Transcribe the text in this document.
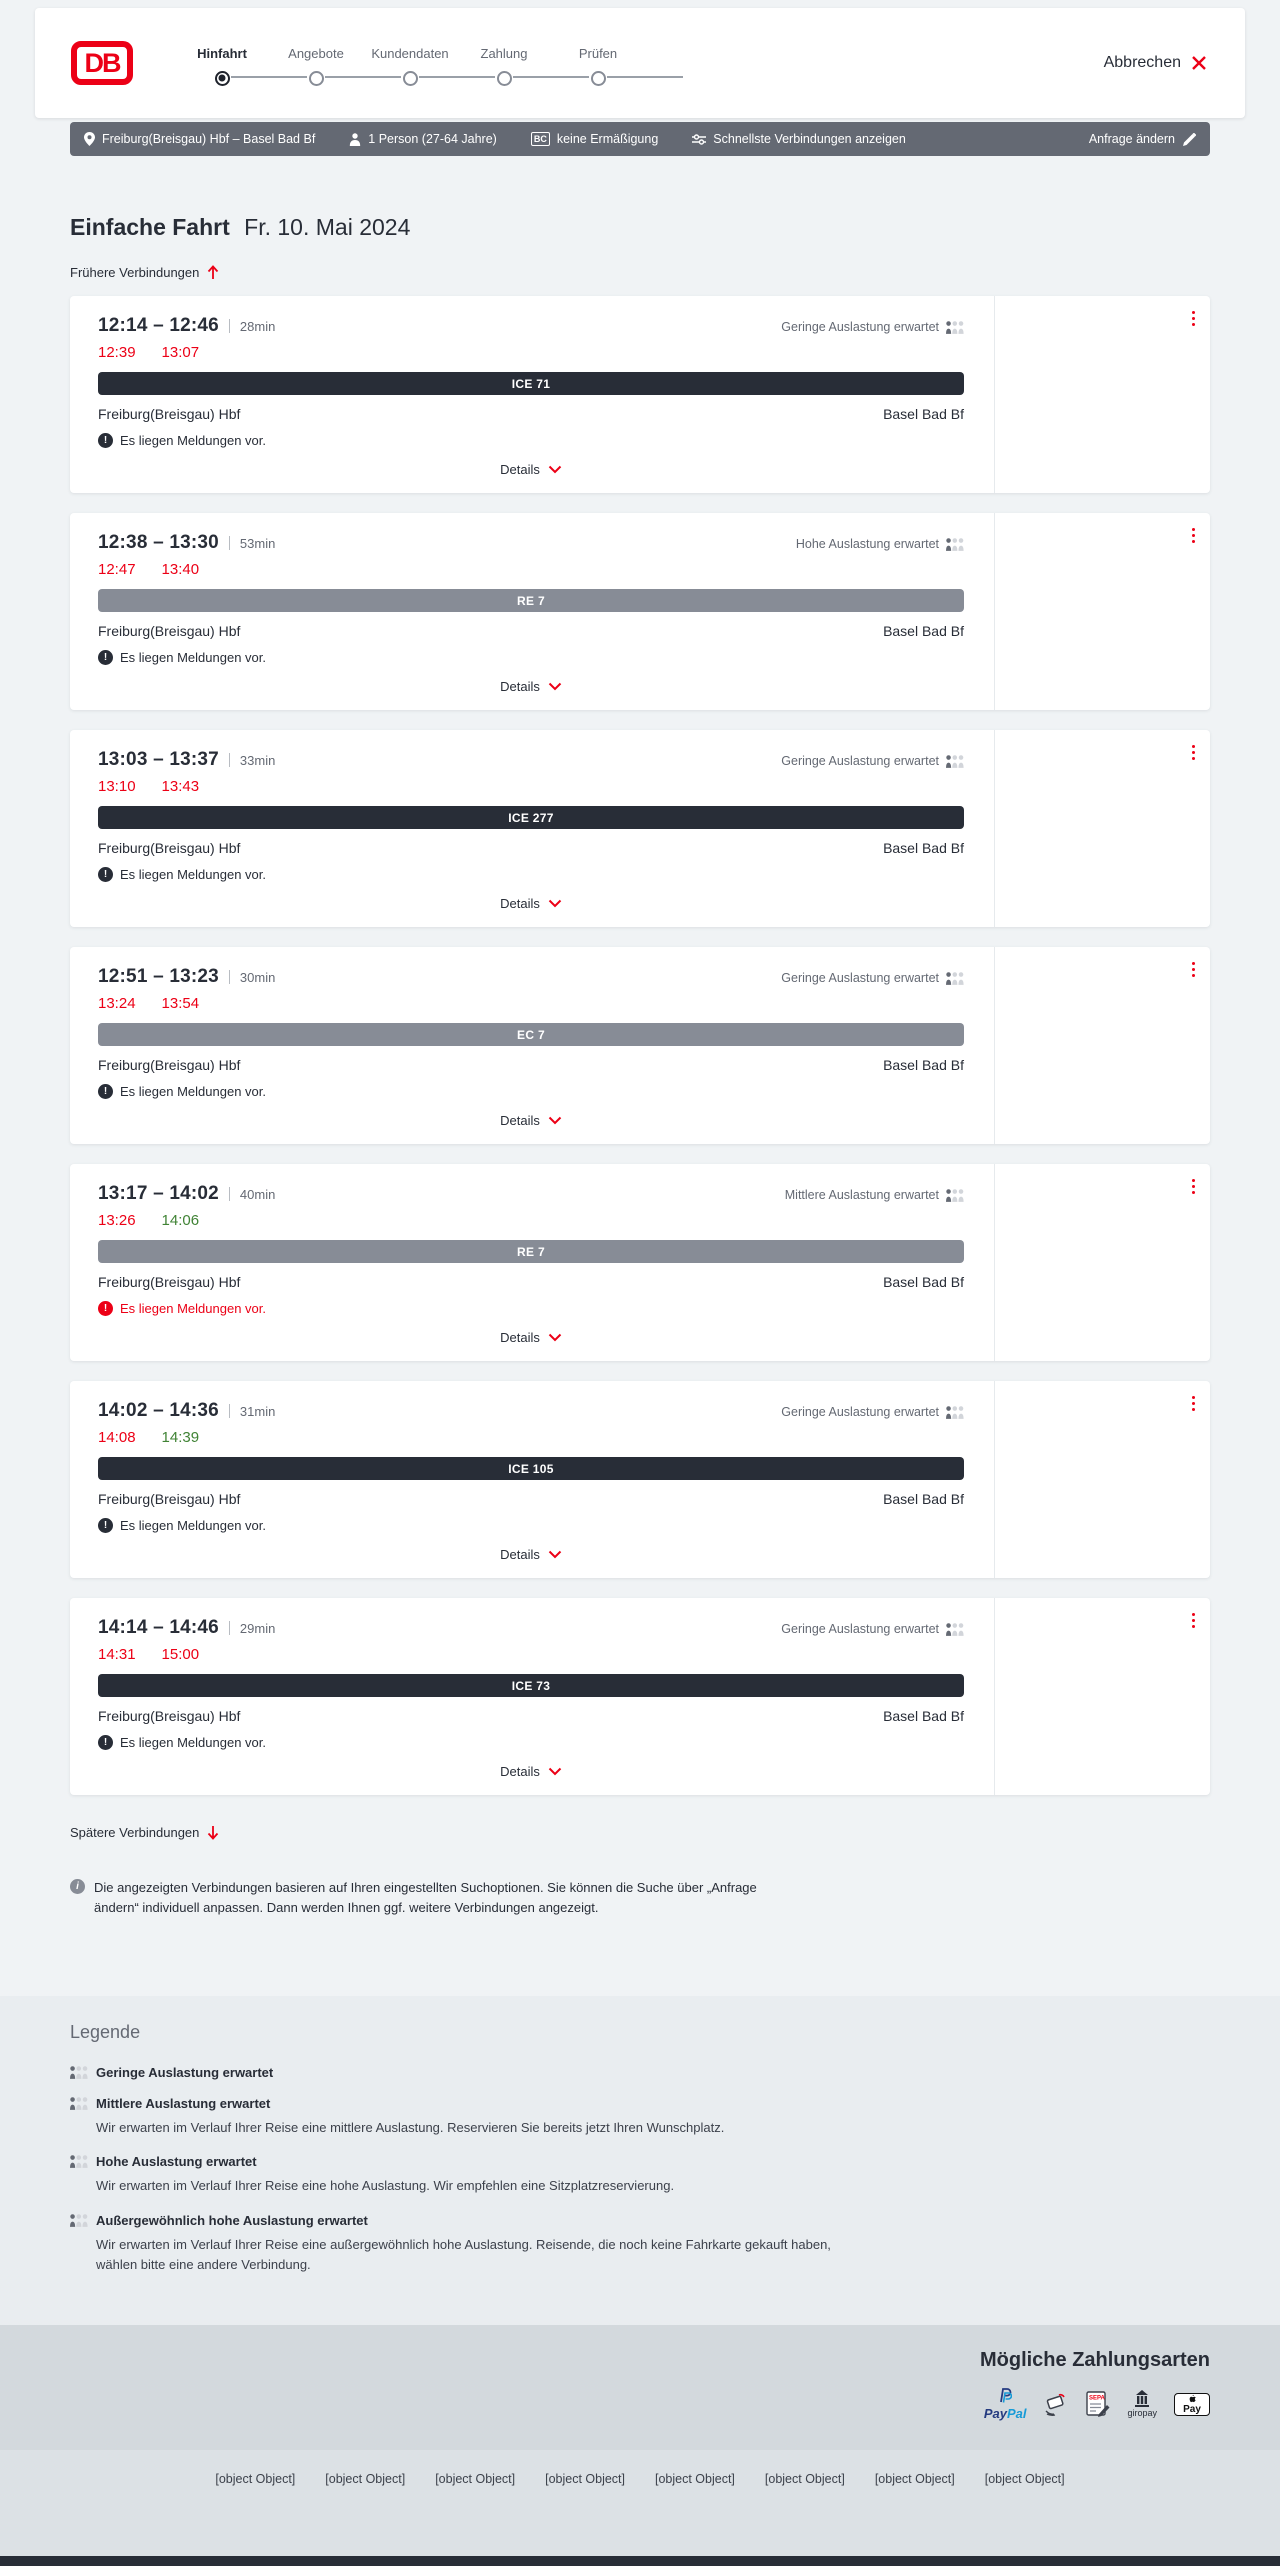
DB	Hinfahrt	Angebote	Kundendaten	Zahlung	Prüfen
Abbrechen
Freiburg(Breisgau) Hbf – Basel Bad Bf	1 Person (27-64 Jahre)	BC keine Ermäßigung	Schnellste Verbindungen anzeigen	Anfrage ändern
Einfache Fahrt Fr. 10. Mai 2024
Frühere Verbindungen
12:14 – 12:46 28min	Geringe Auslastung erwartet
12:39 13:07
ICE 71
Freiburg(Breisgau) Hbf	Basel Bad Bf
! Es liegen Meldungen vor.
Details
12:38 – 13:30 53min	Hohe Auslastung erwartet
12:47 13:40
RE 7
Freiburg(Breisgau) Hbf	Basel Bad Bf
! Es liegen Meldungen vor.
Details
13:03 – 13:37 33min	Geringe Auslastung erwartet
13:10 13:43
ICE 277
Freiburg(Breisgau) Hbf	Basel Bad Bf
! Es liegen Meldungen vor.
Details
12:51 – 13:23 30min	Geringe Auslastung erwartet
13:24 13:54
EC 7
Freiburg(Breisgau) Hbf	Basel Bad Bf
! Es liegen Meldungen vor.
Details
13:17 – 14:02 40min	Mittlere Auslastung erwartet
13:26 14:06
RE 7
Freiburg(Breisgau) Hbf	Basel Bad Bf
! Es liegen Meldungen vor.
Details
14:02 – 14:36 31min	Geringe Auslastung erwartet
14:08 14:39
ICE 105
Freiburg(Breisgau) Hbf	Basel Bad Bf
! Es liegen Meldungen vor.
Details
14:14 – 14:46 29min	Geringe Auslastung erwartet
14:31 15:00
ICE 73
Freiburg(Breisgau) Hbf	Basel Bad Bf
! Es liegen Meldungen vor.
Details
Spätere Verbindungen
i	Die angezeigten Verbindungen basieren auf Ihren eingestellten Suchoptionen. Sie können die Suche über „Anfrage ändern“ individuell anpassen. Dann werden Ihnen ggf. weitere Verbindungen angezeigt.

Legende
Geringe Auslastung erwartet
Mittlere Auslastung erwartet

Wir erwarten im Verlauf Ihrer Reise eine mittlere Auslastung. Reservieren Sie bereits jetzt Ihren Wunschplatz.

Hohe Auslastung erwartet

Wir erwarten im Verlauf Ihrer Reise eine hohe Auslastung. Wir empfehlen eine Sitzplatzreservierung.

Außergewöhnlich hohe Auslastung erwartet

Wir erwarten im Verlauf Ihrer Reise eine außergewöhnlich hohe Auslastung. Reisende, die noch keine Fahrkarte gekauft haben, wählen bitte eine andere Verbindung.

Mögliche Zahlungsarten
PayPal
SEPA
giropay	Pay
[object Object] [object Object] [object Object] [object Object] [object Object] [object Object] [object Object] [object Object]
